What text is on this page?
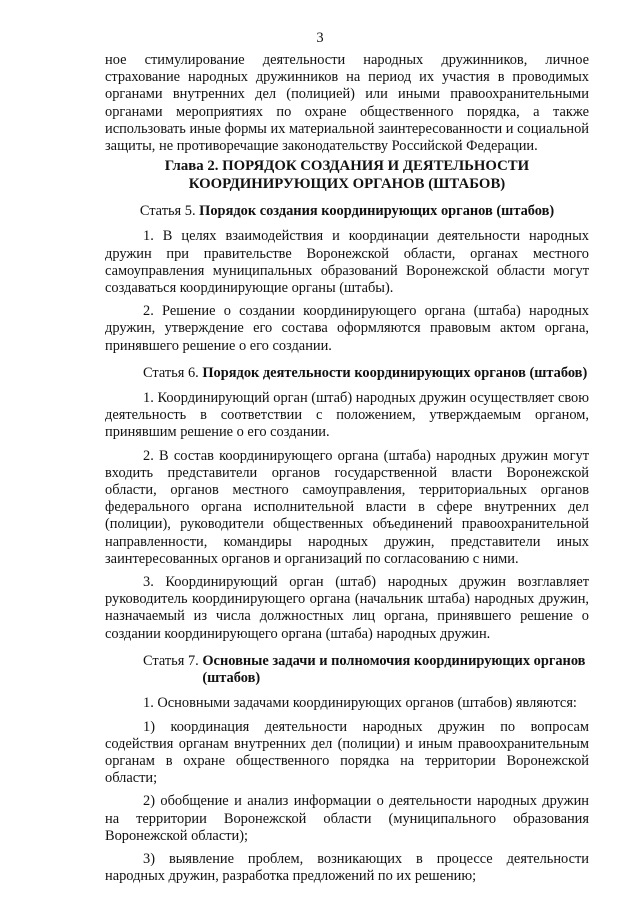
3

ное стимулирование деятельности народных дружинников, личное страхование народных дружинников на период их участия в проводимых органами внутренних дел (полицией) или иными правоохранительными органами мероприятиях по охране общественного порядка, а также использовать иные формы их материальной заинтересованности и социальной защиты, не противоречащие законодательству Российской Федерации.

Глава 2. ПОРЯДОК СОЗДАНИЯ И ДЕЯТЕЛЬНОСТИ
КООРДИНИРУЮЩИХ ОРГАНОВ (ШТАБОВ)
Статья 5. Порядок создания координирующих органов (штабов)

1. В целях взаимодействия и координации деятельности народных дружин при правительстве Воронежской области, органах местного самоуправления муниципальных образований Воронежской области могут создаваться координирующие органы (штабы).

2. Решение о создании координирующего органа (штаба) народных дружин, утверждение его состава оформляются правовым актом органа, принявшего решение о его создании.

Статья 6. Порядок деятельности координирующих органов (штабов)

1. Координирующий орган (штаб) народных дружин осуществляет свою деятельность в соответствии с положением, утверждаемым органом, принявшим решение о его создании.

2. В состав координирующего органа (штаба) народных дружин могут входить представители органов государственной власти Воронежской области, органов местного самоуправления, территориальных органов федерального органа исполнительной власти в сфере внутренних дел (полиции), руководители общественных объединений правоохранительной направленности, командиры народных дружин, представители иных заинтересованных органов и организаций по согласованию с ними.

3. Координирующий орган (штаб) народных дружин возглавляет руководитель координирующего органа (начальник штаба) народных дружин, назначаемый из числа должностных лиц органа, принявшего решение о создании координирующего органа (штаба) народных дружин.

Статья 7. Основные задачи и полномочия координирующих органов (штабов)

1. Основными задачами координирующих органов (штабов) являются:

1) координация деятельности народных дружин по вопросам содействия органам внутренних дел (полиции) и иным правоохранительным органам в охране общественного порядка на территории Воронежской области;

2) обобщение и анализ информации о деятельности народных дружин на территории Воронежской области (муниципального образования Воронежской области);

3) выявление проблем, возникающих в процессе деятельности народных дружин, разработка предложений по их решению;
